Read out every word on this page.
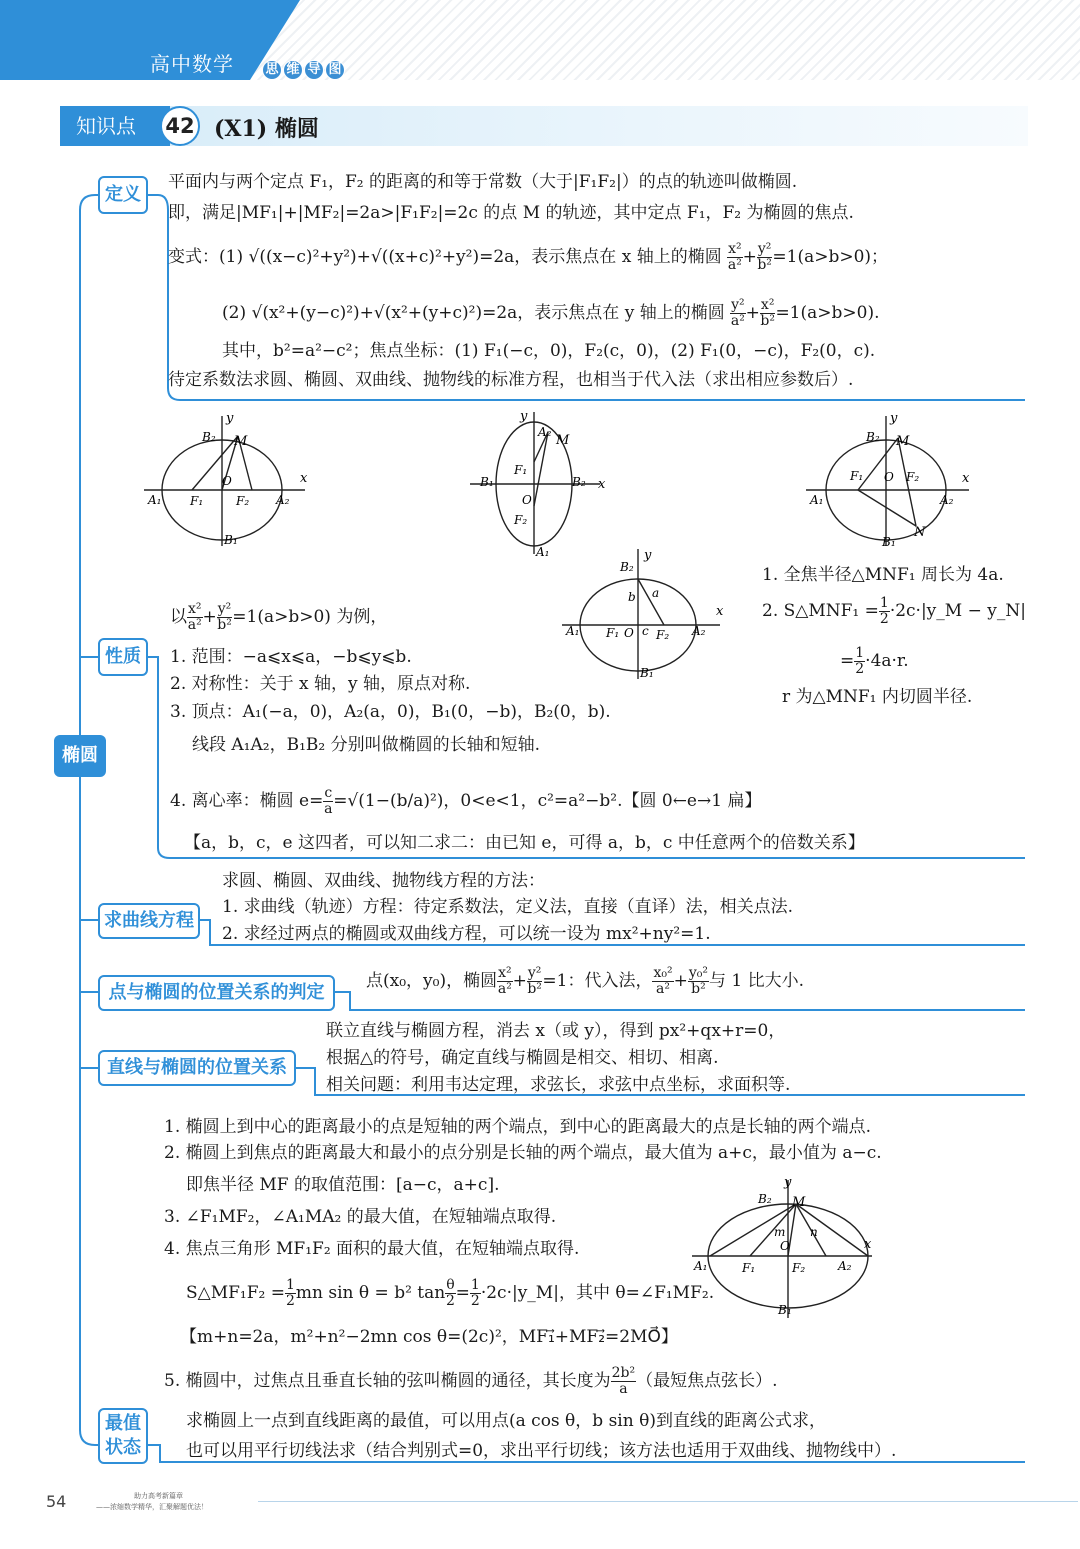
高中数学 思 维 导 图
知识点	42 (X1) 椭圆
椭圆
定义
性质
求曲线方程
点与椭圆的位置关系的判定
直线与椭圆的位置关系
最值
状态
平面内与两个定点 F₁，F₂ 的距离的和等于常数（大于|F₁F₂|）的点的轨迹叫做椭圆.
即，满足|MF₁|+|MF₂|=2a>|F₁F₂|=2c 的点 M 的轨迹，其中定点 F₁，F₂ 为椭圆的焦点.
变式：(1) √((x−c)²+y²)+√((x+c)²+y²)=2a，表示焦点在 x 轴上的椭圆 $\frac{\text{x²}}{\text{a²}} + \frac{\text{y²}}{\text{b²}} =1(a>b>0)$；
(2) √(x²+(y−c)²)+√(x²+(y+c)²)=2a，表示焦点在 y 轴上的椭圆 $\frac{\text{y²}}{\text{a²}} + \frac{\text{x²}}{\text{b²}} =1(a>b>0)$.
其中，b²=a²−c²；焦点坐标：(1) F₁(−c，0)，F₂(c，0)，(2) F₁(0，−c)，F₂(0，c).
待定系数法求圆、椭圆、双曲线、抛物线的标准方程，也相当于代入法（求出相应参数后）.
y
x
B₂ M
O
A₁ F₁	F₂ A₂
B₁
y
x
A₂
M
F₁
B₁	B₂
O
F₂
A₁
y
x
B₂ M
F₁ O F₂
A₁	A₂
N
B₁
y
x
B₂
b a
A₁ F₁ O c F₂ A₂
B₁
1. 全焦半径△MNF₁ 周长为 4a.
2. S△MNF₁ = $\frac{1}{2}$ ·2c·|y_M − y_N|
= $\frac{1}{2} \cdot 4a\cdot r$.
r 为△MNF₁ 内切圆半径.
以 $\frac{\text{x²}}{\text{a²}} + \frac{\text{y²}}{\text{b²}} =1(a>b>0)$ 为例，
1. 范围：−a⩽x⩽a，−b⩽y⩽b.
2. 对称性：关于 x 轴，y 轴，原点对称.
3. 顶点：A₁(−a，0)，A₂(a，0)，B₁(0，−b)，B₂(0，b).
线段 A₁A₂，B₁B₂ 分别叫做椭圆的长轴和短轴.
4. 离心率：椭圆 $e= \frac{c}{a} =√(1-(b/a)^2)$，0<e<1，c²=a²−b².【圆 0←e→1 扁】
【a，b，c，e 这四者，可以知二求二：由已知 e，可得 a，b，c 中任意两个的倍数关系】
求圆、椭圆、双曲线、抛物线方程的方法：
1. 求曲线（轨迹）方程：待定系数法，定义法，直接（直译）法，相关点法.
2. 求经过两点的椭圆或双曲线方程，可以统一设为 mx²+ny²=1.
点(x₀，y₀)，椭圆 $\frac{\text{x²}}{\text{a²}} + \frac{\text{y²}}{\text{b²}} =1$：代入法， $\frac{\text{x₀²}}{\text{a²}} + \frac{\text{y₀²}}{\text{b²}}$ 与 1 比大小.
联立直线与椭圆方程，消去 x（或 y），得到 px²+qx+r=0，
根据△的符号，确定直线与椭圆是相交、相切、相离.
相关问题：利用韦达定理，求弦长，求弦中点坐标，求面积等.
1. 椭圆上到中心的距离最小的点是短轴的两个端点，到中心的距离最大的点是长轴的两个端点.
2. 椭圆上到焦点的距离最大和最小的点分别是长轴的两个端点，最大值为 a+c，最小值为 a−c.
即焦半径 MF 的取值范围：[a−c，a+c].
3. ∠F₁MF₂，∠A₁MA₂ 的最大值，在短轴端点取得.
4. 焦点三角形 MF₁F₂ 面积的最大值，在短轴端点取得.
S△MF₁F₂ = $\frac{1}{2}$ mn sin θ = b² $\tan \frac{\theta}{2} = \frac{1}{2}$ ·2c·|y_M|，其中 θ=∠F₁MF₂.
【m+n=2a，m²+n²−2mn cos θ=(2c)²，MF₁⃗+MF₂⃗=2MO⃗】
5. 椭圆中，过焦点且垂直长轴的弦叫椭圆的通径，其长度为 $\frac{\text{2b²}}{a}$ （最短焦点弦长）.
求椭圆上一点到直线距离的最值，可以用点(a cos θ，b sin θ)到直线的距离公式求，
也可以用平行切线法求（结合判别式=0，求出平行切线；该方法也适用于双曲线、抛物线中）.
y
x
B₂ M
m n
O
A₁	F₁	F₂	A₂
B₁
54	助力高考新篇章
——浓缩数学精华，汇聚解题优法！
